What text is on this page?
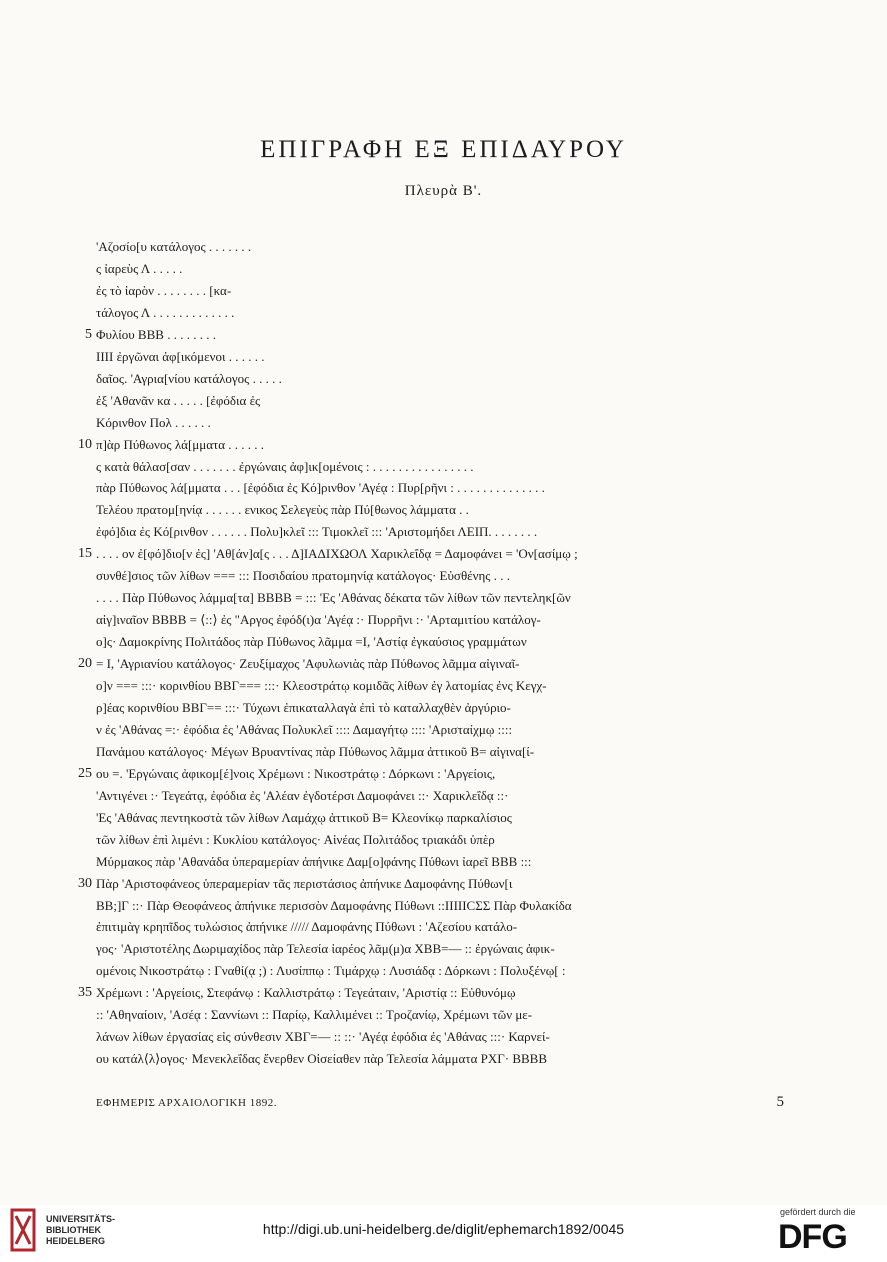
ΕΠΙΓΡΑΦΗ ΕΞ ΕΠΙΔΑΥΡΟΥ
Πλευρὰ Β'.
'Αζοσίο[υ κατάλογος . . . . . . .
ς ἰαρεὺς Λ . . . . .
ἐς τὸ ἰαρὸν . . . . . . . . [κα-
τάλογος Λ . . . . . . . . . . . . .
5 Φυλίου ΒΒΒ . . . . . . . .
ΙΙΙΙ ἐργῶναι ἀφ[ικόμενοι . . . . . .
δαῖος. 'Αγρια[νίου κατάλογος . . . . .
ἐξ 'Αθανᾶν κα . . . . . [ἐφόδια ἐς
Κόρινθον Πολ . . . . . .
10 π]ὰρ Πύθωνος λά[μματα . . . . . .
ς κατὰ θάλασ[σαν . . . . . . . ἐργώναις ἀφ]ικ[ομένοις : . . . . . . . . . . . . . . . .
πὰρ Πύθωνος λά[μματα . . . [ἐφόδια ἐς Κό]ρινθον 'Αγέᾳ : Πυρ[ρῆνι : . . . . . . . . . . . . . .
Τελέου πρατομ[ηνίᾳ . . . . . . ενικος Σελεγεὺς πὰρ Πύ[θωνος λάμματα . .
ἐφό]δια ἐς Κό[ρινθον . . . . . . Πολυ]κλεῖ ::: Τιμοκλεῖ ::: 'Αριστομήδει ΛΕΙΠ. . . . . . . .
15 . . . . ον ἐ[φό]διο[ν ἐς] 'Αθ[άν]α[ς . . . Δ]ΙΑΔΙΧΩΟΛ Χαρικλεΐδᾳ = Δαμοφάνει = 'Ον[ασίμῳ ;
συνθέ]σιος τῶν λίθων === ::: Ποσιδαίου πρατομηνίᾳ κατάλογος· Εὐσθένης . . .
. . . . Πὰρ Πύθωνος λάμμα[τα] ΒΒΒΒ = ::: 'Ες 'Αθάνας δέκατα τῶν λίθων τῶν πεντεληκ[ῶν
αἰγ]ιναῖον ΒΒΒΒ = ⟨::⟩ ἐς "Αργος ἐφόδ(ι)α 'Αγέᾳ :· Πυρρῆνι :· 'Αρταμιτίου κατάλογ-
ο]ς· Δαμοκρίνης Πολιτάδος πὰρ Πύθωνος λᾶμμα =Ι, 'Αστίᾳ ἐγκαύσιος γραμμάτων
20 = Ι, 'Αγριανίου κατάλογος· Ζευξίμαχος 'Αφυλωνιὰς πὰρ Πύθωνος λᾶμμα αἰγιναῖ-
ο]ν === :::· κορινθίου ΒΒΓ=== :::· Κλεοστράτῳ κομιδᾶς λίθων ἐγ λατομίας ἐνς Κεγχ-
ρ]έας κορινθίου ΒΒΓ== :::· Τύχωνι ἐπικαταλλαγὰ ἐπὶ τὸ καταλλαχθὲν ἀργύριο-
ν ἐς 'Αθάνας =:· ἐφόδια ἐς 'Αθάνας Πολυκλεῖ :::: Δαμαγήτῳ :::: 'Αρισταίχμῳ ::::
Πανάμου κατάλογος· Μέγων Βρυαντίνας πὰρ Πύθωνος λᾶμμα ἀττικοῦ Β= αἰγινα[ί-
25 ου =. 'Εργώναις ἀφικομ[έ]νοις Χρέμωνι : Νικοστράτῳ : Δόρκωνι : 'Αργείοις,
'Αντιγένει :· Τεγεάτᾳ, ἐφόδια ἐς 'Αλέαν ἐγδοτέρσι Δαμοφάνει ::· Χαρικλεΐδᾳ ::·
'Ες 'Αθάνας πεντηκοστὰ τῶν λίθων Λαμάχῳ ἀττικοῦ Β= Κλεονίκῳ παρκαλίσιος
τῶν λίθων ἐπὶ λιμένι : Κυκλίου κατάλογος· Αἰνέας Πολιτάδος τριακάδι ὑπὲρ
Μύρμακος πὰρ 'Αθανάδα ὑπεραμερίαν ἀπήνικε Δαμ[ο]φάνης Πύθωνι ἰαρεῖ ΒΒΒ :::
30 Πὰρ 'Αριστοφάνεος ὑπεραμερίαν τᾶς περιστάσιος ἀπήνικε Δαμοφάνης Πύθων[ι
ΒΒ;]Γ ::· Πὰρ Θεοφάνεος ἀπήνικε περισσὸν Δαμοφάνης Πύθωνι ::ΙΙΙΙΙCΣΣ Πὰρ Φυλακίδα
ἐπιτιμὰγ κρηπῖδος τυλώσιος ἀπήνικε ///// Δαμοφάνης Πύθωνι : 'Αζεσίου κατάλο-
γος· 'Αριστοτέλης Δωριμαχίδος πὰρ Τελεσία ἰαρέος λᾶμ(μ)α ΧΒΒ=— :: ἐργώναις ἀφικ-
ομένοις Νικοστράτῳ : Γναθί(ᾳ ;) : Λυσίππῳ : Τιμάρχῳ : Λυσιάδᾳ : Δόρκωνι : Πολυξένῳ[ :
35 Χρέμωνι : 'Αργείοις, Στεφάνῳ : Καλλιστράτῳ : Τεγεάταιν, 'Αριστίᾳ :: Εὐθυνόμῳ
:: 'Αθηναίοιν, 'Ασέᾳ : Σαννίωνι :: Παρίῳ, Καλλιμένει :: Τροζανίῳ, Χρέμωνι τῶν με-
λάνων λίθων ἐργασίας εἰς σύνθεσιν ΧΒΓ=— :: ::· 'Αγέᾳ ἐφόδια ἐς 'Αθάνας :::· Καρνεί-
ου κατάλ⟨λ⟩ογος· Μενεκλεΐδας ἔνερθεν Οἰσείαθεν πὰρ Τελεσία λάμματα ΡΧΓ· ΒΒΒΒ
ΕΦΗΜΕΡΙΣ ΑΡΧΑΙΟΛΟΓΙΚΗ 1892.	5
UNIVERSITÄTS-
BIBLIOTHEK
HEIDELBERG
http://digi.ub.uni-heidelberg.de/diglit/ephemarch1892/0045
gefördert durch die
DFG
